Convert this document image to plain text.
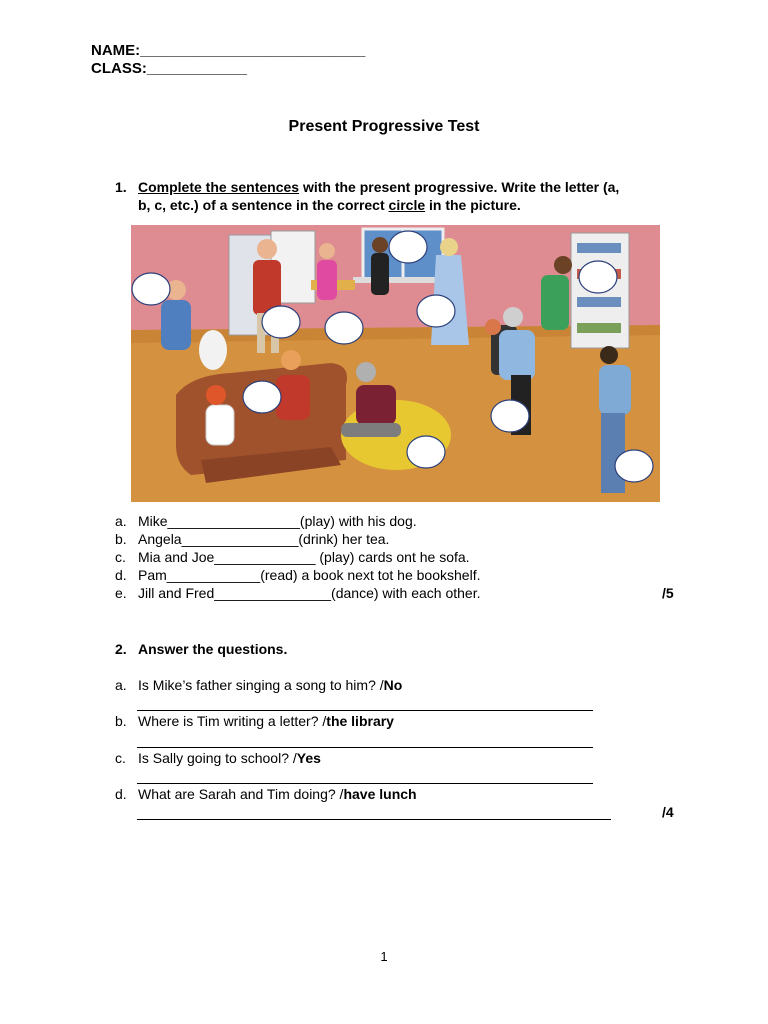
NAME:___________________________
CLASS:____________
Present Progressive Test
1. Complete the sentences with the present progressive. Write the letter (a,
b, c, etc.) of a sentence in the correct circle in the picture.
a. Mike_________________(play) with his dog.
b. Angela_______________(drink) her tea.
c. Mia and Joe_____________ (play) cards ont he sofa.
d. Pam____________(read) a book next tot he bookshelf.
e. Jill and Fred_______________(dance) with each other.	/5
2. Answer the questions.
a. Is Mike’s father singing a song to him? /No
b. Where is Tim writing a letter? /the library
c. Is Sally going to school? /Yes
d. What are Sarah and Tim doing? /have lunch
/4
1
